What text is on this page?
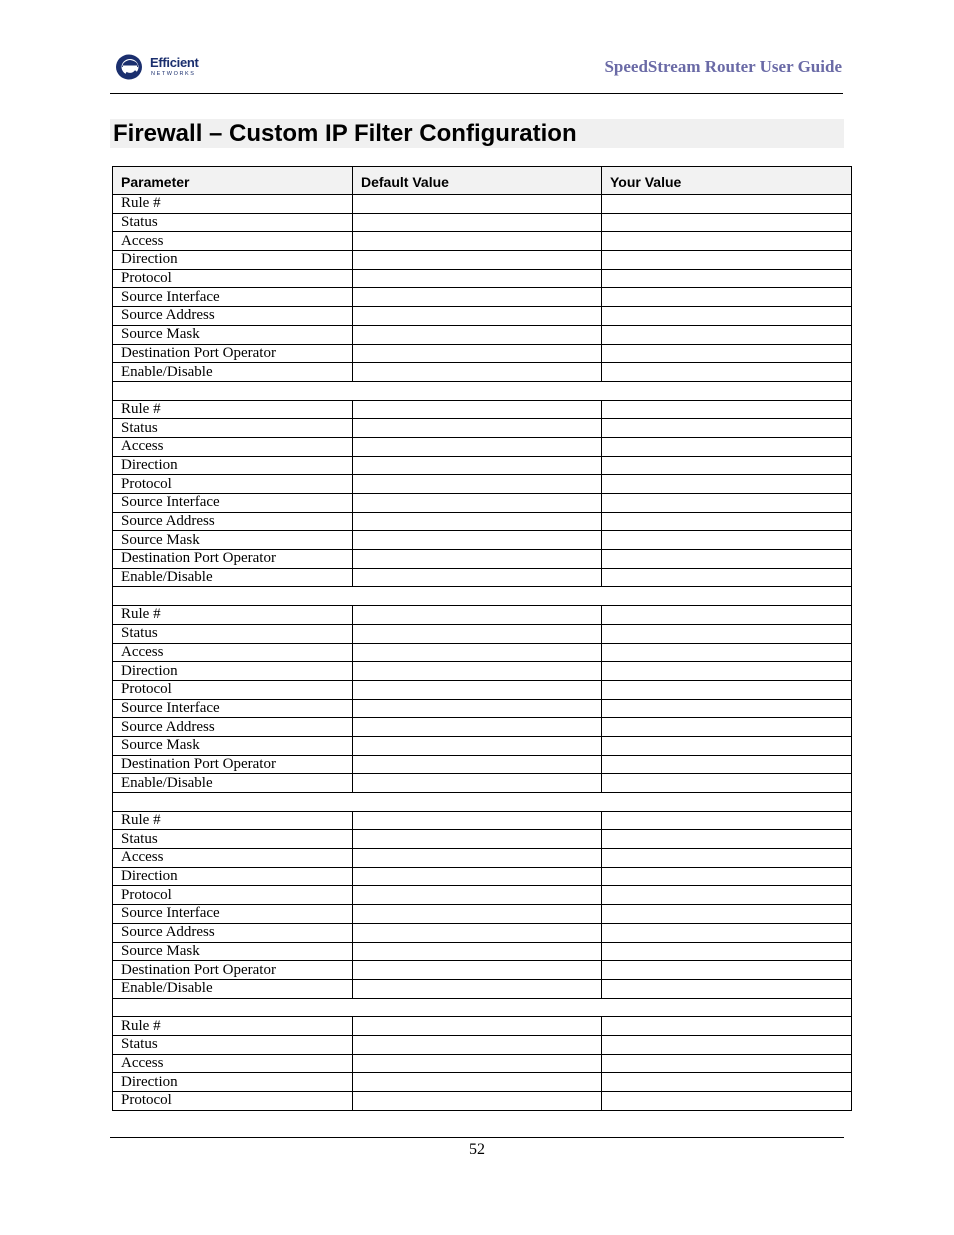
Efficient
NETWORKS	SpeedStream Router User Guide
Firewall – Custom IP Filter Configuration
Parameter	Default Value	Your Value
Rule #		
Status		
Access		
Direction		
Protocol		
Source Interface		
Source Address		
Source Mask		
Destination Port Operator		
Enable/Disable		

Rule #		
Status		
Access		
Direction		
Protocol		
Source Interface		
Source Address		
Source Mask		
Destination Port Operator		
Enable/Disable		

Rule #		
Status		
Access		
Direction		
Protocol		
Source Interface		
Source Address		
Source Mask		
Destination Port Operator		
Enable/Disable		

Rule #		
Status		
Access		
Direction		
Protocol		
Source Interface		
Source Address		
Source Mask		
Destination Port Operator		
Enable/Disable		

Rule #		
Status		
Access		
Direction		
Protocol		
52
